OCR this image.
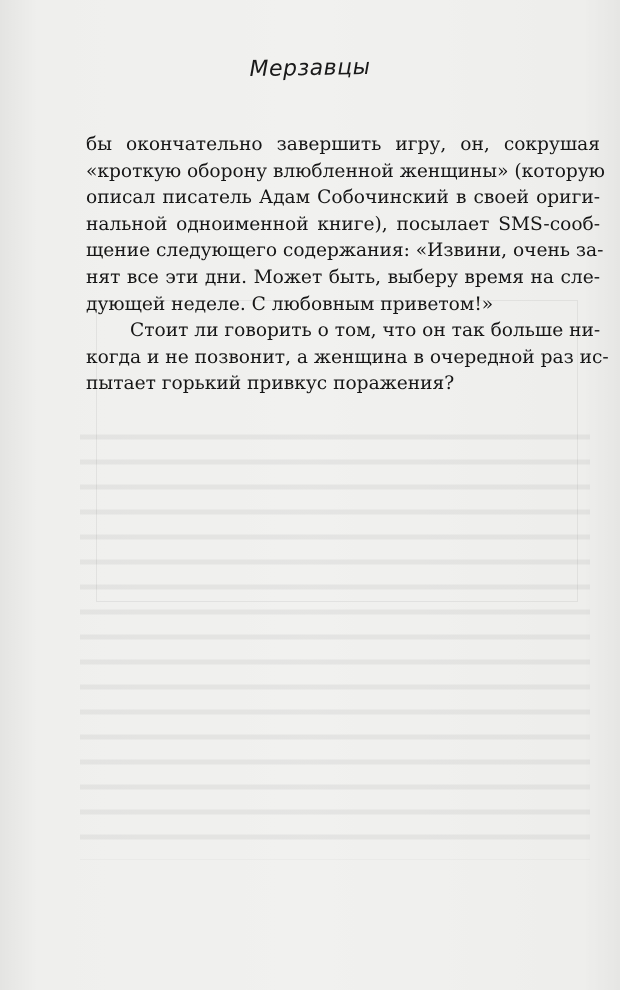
Мерзавцы

бы окончательно завершить игру, он, сокрушая
«кроткую оборону влюбленной женщины» (которую
описал писатель Адам Собочинский в своей ориги-
нальной одноименной книге), посылает SMS-сооб-
щение следующего содержания: «Извини, очень за-
нят все эти дни. Может быть, выберу время на сле-
дующей неделе. С любовным приветом!»

Стоит ли говорить о том, что он так больше ни-
когда и не позвонит, а женщина в очередной раз ис-
пытает горький привкус поражения?
